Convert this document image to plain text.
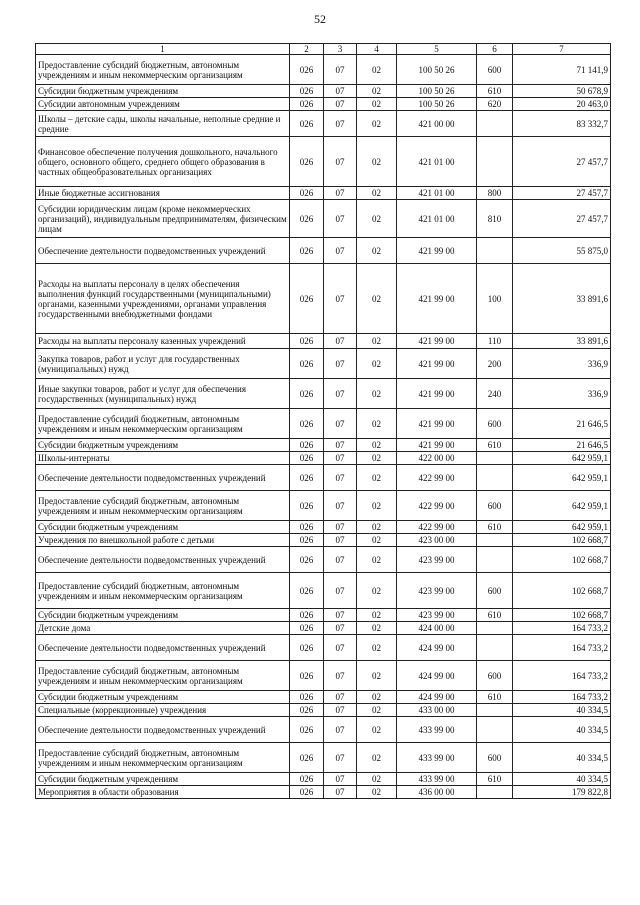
52
1	2	3	4	5	6	7
Предоставление субсидий бюджетным, автономным учреждениям и иным некоммерческим организациям	026	07	02	100 50 26	600	71 141,9
Субсидии бюджетным учреждениям	026	07	02	100 50 26	610	50 678,9
Субсидии автономным учреждениям	026	07	02	100 50 26	620	20 463,0
Школы – детские сады, школы начальные, неполные средние и средние	026	07	02	421 00 00		83 332,7
Финансовое обеспечение получения дошкольного, начального общего, основного общего, среднего общего образования в частных общеобразовательных организациях	026	07	02	421 01 00		27 457,7
Иные бюджетные ассигнования	026	07	02	421 01 00	800	27 457,7
Субсидии юридическим лицам (кроме некоммерческих организаций), индивидуальным предпринимателям, физическим лицам	026	07	02	421 01 00	810	27 457,7
Обеспечение деятельности подведомственных учреждений	026	07	02	421 99 00		55 875,0
Расходы на выплаты персоналу в целях обеспечения выполнения функций государственными (муниципальными) органами, казенными учреждениями, органами управления государственными внебюджетными фондами	026	07	02	421 99 00	100	33 891,6
Расходы на выплаты персоналу казенных учреждений	026	07	02	421 99 00	110	33 891,6
Закупка товаров, работ и услуг для государственных (муниципальных) нужд	026	07	02	421 99 00	200	336,9
Иные закупки товаров, работ и услуг для обеспечения государственных (муниципальных) нужд	026	07	02	421 99 00	240	336,9
Предоставление субсидий бюджетным, автономным учреждениям и иным некоммерческим организациям	026	07	02	421 99 00	600	21 646,5
Субсидии бюджетным учреждениям	026	07	02	421 99 00	610	21 646,5
Школы-интернаты	026	07	02	422 00 00		642 959,1
Обеспечение деятельности подведомственных учреждений	026	07	02	422 99 00		642 959,1
Предоставление субсидий бюджетным, автономным учреждениям и иным некоммерческим организациям	026	07	02	422 99 00	600	642 959,1
Субсидии бюджетным учреждениям	026	07	02	422 99 00	610	642 959,1
Учреждения по внешкольной работе с детьми	026	07	02	423 00 00		102 668,7
Обеспечение деятельности подведомственных учреждений	026	07	02	423 99 00		102 668,7
Предоставление субсидий бюджетным, автономным учреждениям и иным некоммерческим организациям	026	07	02	423 99 00	600	102 668,7
Субсидии бюджетным учреждениям	026	07	02	423 99 00	610	102 668,7
Детские дома	026	07	02	424 00 00		164 733,2
Обеспечение деятельности подведомственных учреждений	026	07	02	424 99 00		164 733,2
Предоставление субсидий бюджетным, автономным учреждениям и иным некоммерческим организациям	026	07	02	424 99 00	600	164 733,2
Субсидии бюджетным учреждениям	026	07	02	424 99 00	610	164 733,2
Специальные (коррекционные) учреждения	026	07	02	433 00 00		40 334,5
Обеспечение деятельности подведомственных учреждений	026	07	02	433 99 00		40 334,5
Предоставление субсидий бюджетным, автономным учреждениям и иным некоммерческим организациям	026	07	02	433 99 00	600	40 334,5
Субсидии бюджетным учреждениям	026	07	02	433 99 00	610	40 334,5
Мероприятия в области образования	026	07	02	436 00 00		179 822,8
